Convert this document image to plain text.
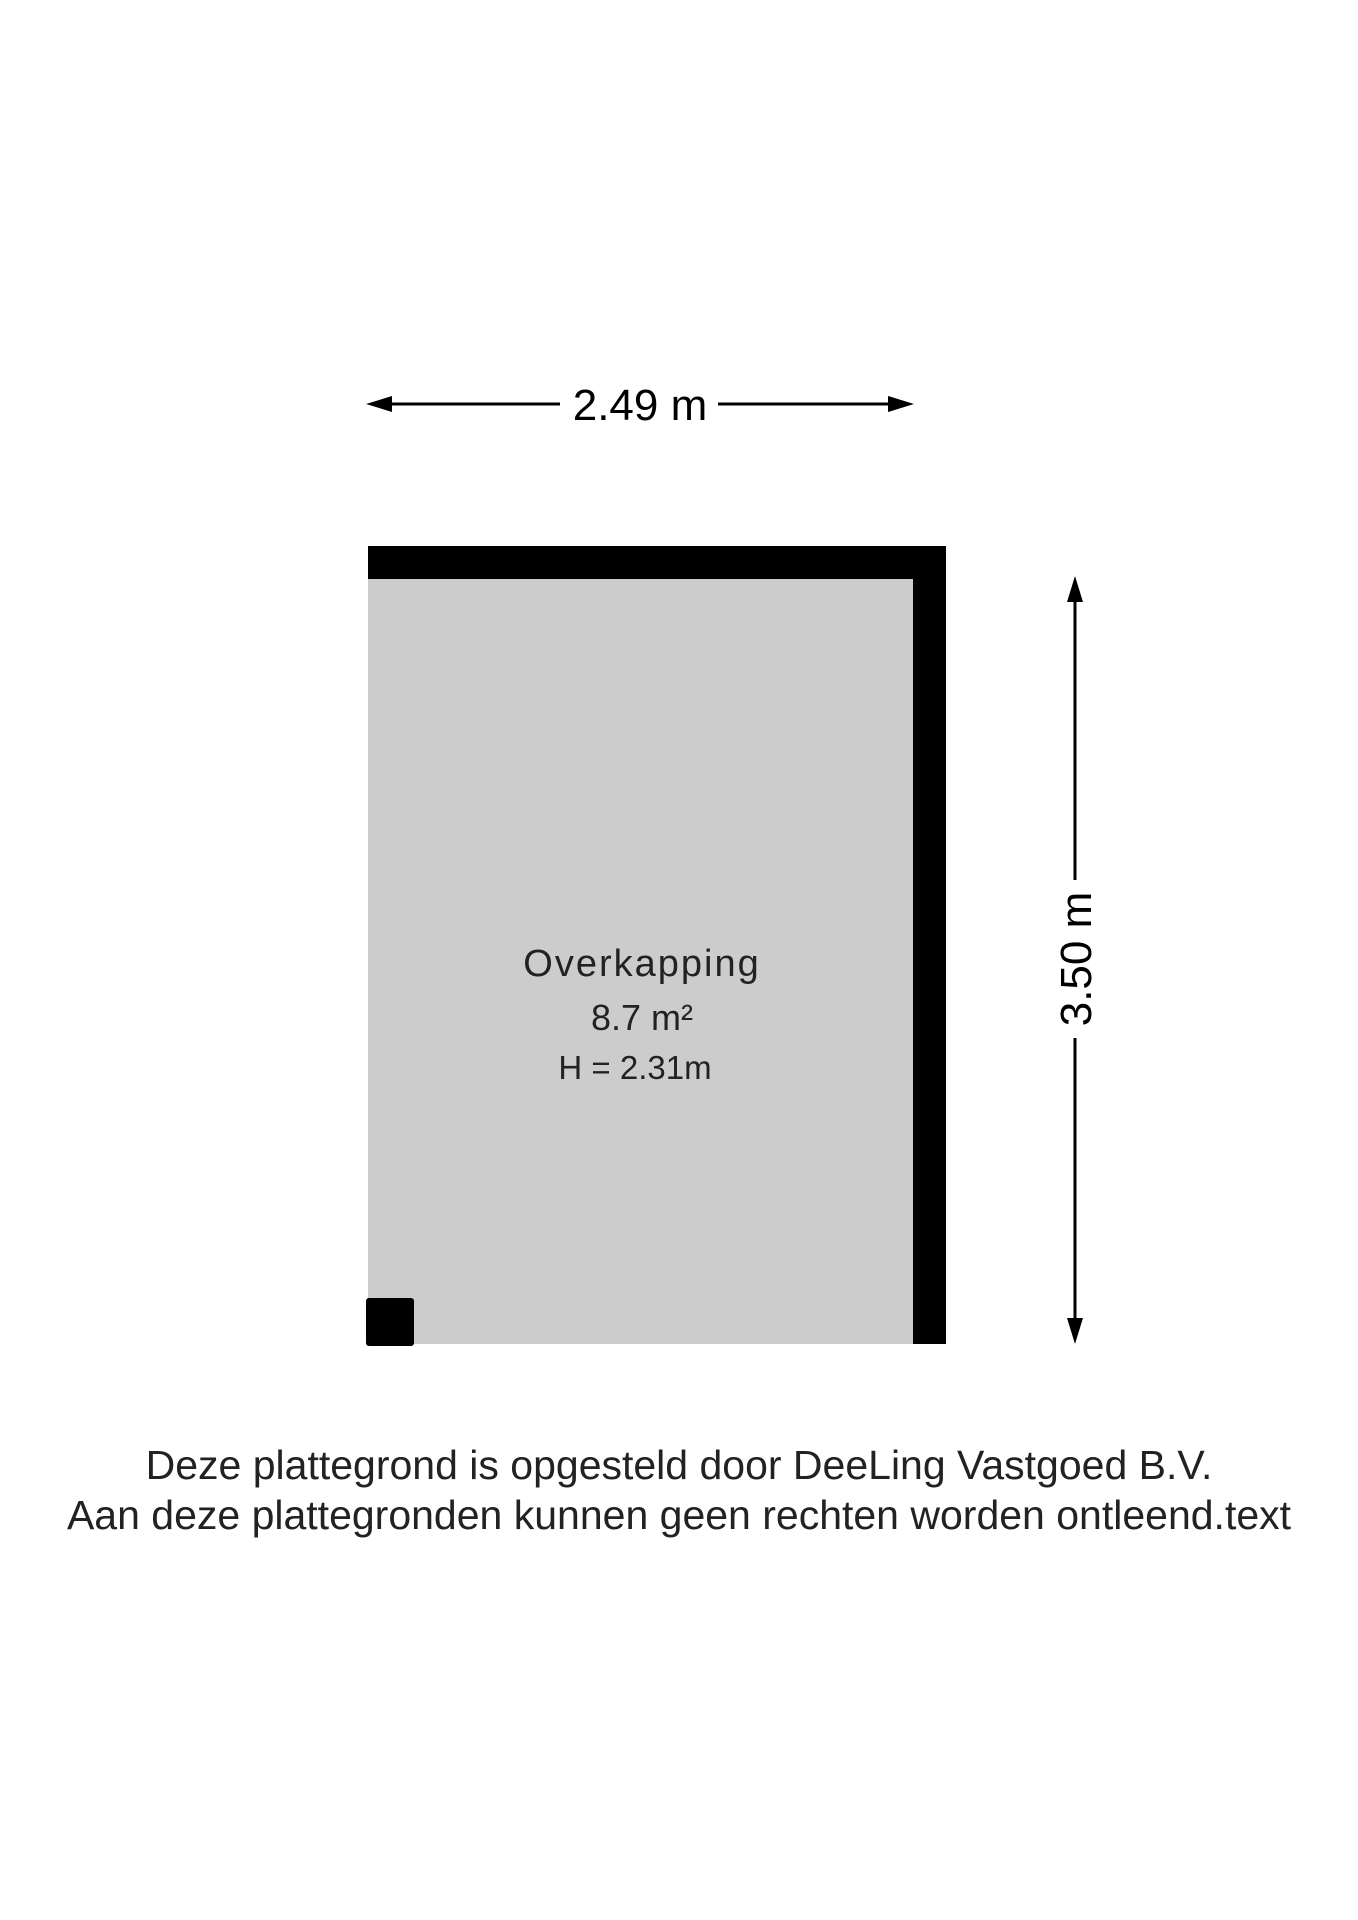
2.49 m
3.50 m
Overkapping
8.7 m²
H = 2.31m
Deze plattegrond is opgesteld door DeeLing Vastgoed B.V.
Aan deze plattegronden kunnen geen rechten worden ontleend.text
